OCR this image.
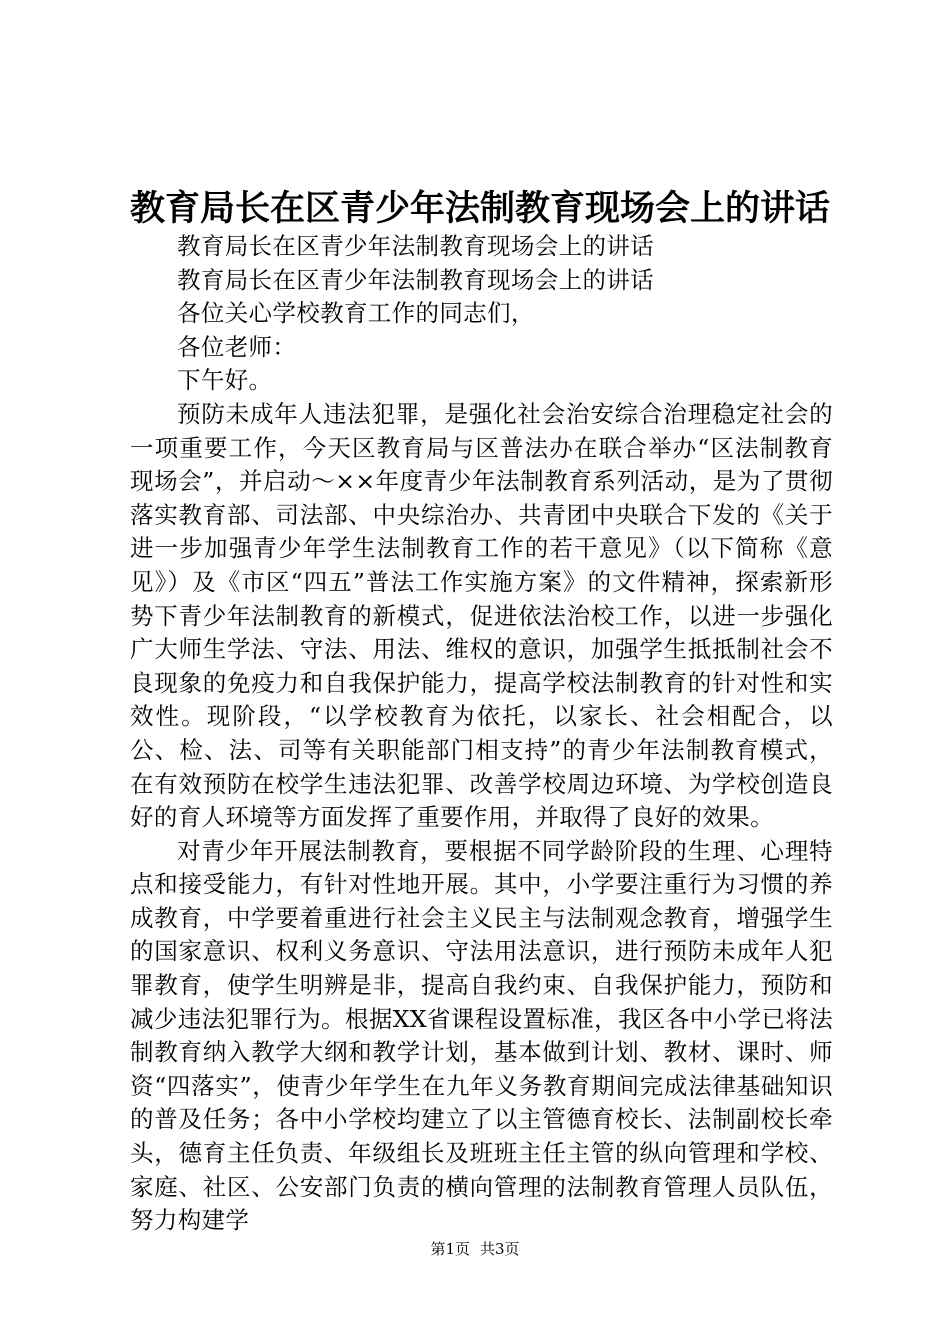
教育局长在区青少年法制教育现场会上的讲话

教育局长在区青少年法制教育现场会上的讲话

教育局长在区青少年法制教育现场会上的讲话

各位关心学校教育工作的同志们，

各位老师：

下午好。

预防未成年人违法犯罪，是强化社会治安综合治理稳定社会的一项重要工作，今天区教育局与区普法办在联合举办“区法制教育现场会”，并启动～××年度青少年法制教育系列活动，是为了贯彻落实教育部、司法部、中央综治办、共青团中央联合下发的《关于进一步加强青少年学生法制教育工作的若干意见》（以下简称《意见》）及《市区“四五”普法工作实施方案》的文件精神，探索新形势下青少年法制教育的新模式，促进依法治校工作，以进一步强化广大师生学法、守法、用法、维权的意识，加强学生抵抵制社会不良现象的免疫力和自我保护能力，提高学校法制教育的针对性和实效性。现阶段，“以学校教育为依托，以家长、社会相配合，以公、检、法、司等有关职能部门相支持”的青少年法制教育模式，在有效预防在校学生违法犯罪、改善学校周边环境、为学校创造良好的育人环境等方面发挥了重要作用，并取得了良好的效果。

对青少年开展法制教育，要根据不同学龄阶段的生理、心理特点和接受能力，有针对性地开展。其中，小学要注重行为习惯的养成教育，中学要着重进行社会主义民主与法制观念教育，增强学生的国家意识、权利义务意识、守法用法意识，进行预防未成年人犯罪教育，使学生明辨是非，提高自我约束、自我保护能力，预防和减少违法犯罪行为。根据XX省课程设置标准，我区各中小学已将法制教育纳入教学大纲和教学计划，基本做到计划、教材、课时、师资“四落实”，使青少年学生在九年义务教育期间完成法律基础知识的普及任务；各中小学校均建立了以主管德育校长、法制副校长牵头，德育主任负责、年级组长及班班主任主管的纵向管理和学校、家庭、社区、公安部门负责的横向管理的法制教育管理人员队伍，努力构建学

第1页 共3页
